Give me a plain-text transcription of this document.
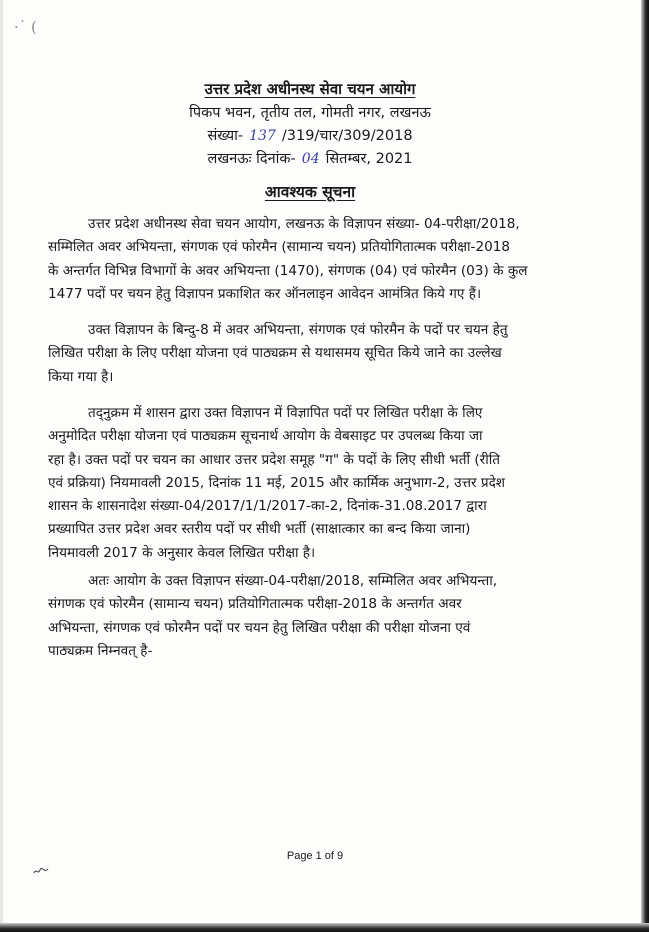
·˙ (
उत्तर प्रदेश अधीनस्थ सेवा चयन आयोग
पिकप भवन, तृतीय तल, गोमती नगर, लखनऊ
संख्या- 137 /319/चार/309/2018
लखनऊः दिनांक- 04 सितम्बर, 2021
आवश्यक सूचना
उत्तर प्रदेश अधीनस्थ सेवा चयन आयोग, लखनऊ के विज्ञापन संख्या- 04-परीक्षा/2018,
सम्मिलित अवर अभियन्ता, संगणक एवं फोरमैन (सामान्य चयन) प्रतियोगितात्मक परीक्षा-2018
के अन्तर्गत विभिन्न विभागों के अवर अभियन्ता (1470), संगणक (04) एवं फोरमैन (03) के कुल
1477 पदों पर चयन हेतु विज्ञापन प्रकाशित कर ऑनलाइन आवेदन आमंत्रित किये गए हैं।
उक्त विज्ञापन के बिन्दु-8 में अवर अभियन्ता, संगणक एवं फोरमैन के पदों पर चयन हेतु
लिखित परीक्षा के लिए परीक्षा योजना एवं पाठ्यक्रम से यथासमय सूचित किये जाने का उल्लेख
किया गया है।
तद्नुक्रम में शासन द्वारा उक्त विज्ञापन में विज्ञापित पदों पर लिखित परीक्षा के लिए
अनुमोदित परीक्षा योजना एवं पाठ्यक्रम सूचनार्थ आयोग के वेबसाइट पर उपलब्ध किया जा
रहा है। उक्त पदों पर चयन का आधार उत्तर प्रदेश समूह "ग" के पदों के लिए सीधी भर्ती (रीति
एवं प्रक्रिया) नियमावली 2015, दिनांक 11 मई, 2015 और कार्मिक अनुभाग-2, उत्तर प्रदेश
शासन के शासनादेश संख्या-04/2017/1/1/2017-का-2, दिनांक-31.08.2017 द्वारा
प्रख्यापित उत्तर प्रदेश अवर स्तरीय पदों पर सीधी भर्ती (साक्षात्कार का बन्द किया जाना)
नियमावली 2017 के अनुसार केवल लिखित परीक्षा है।
अतः आयोग के उक्त विज्ञापन संख्या-04-परीक्षा/2018, सम्मिलित अवर अभियन्ता,
संगणक एवं फोरमैन (सामान्य चयन) प्रतियोगितात्मक परीक्षा-2018 के अन्तर्गत अवर
अभियन्ता, संगणक एवं फोरमैन पदों पर चयन हेतु लिखित परीक्षा की परीक्षा योजना एवं
पाठ्यक्रम निम्नवत् है-
Page 1 of 9
